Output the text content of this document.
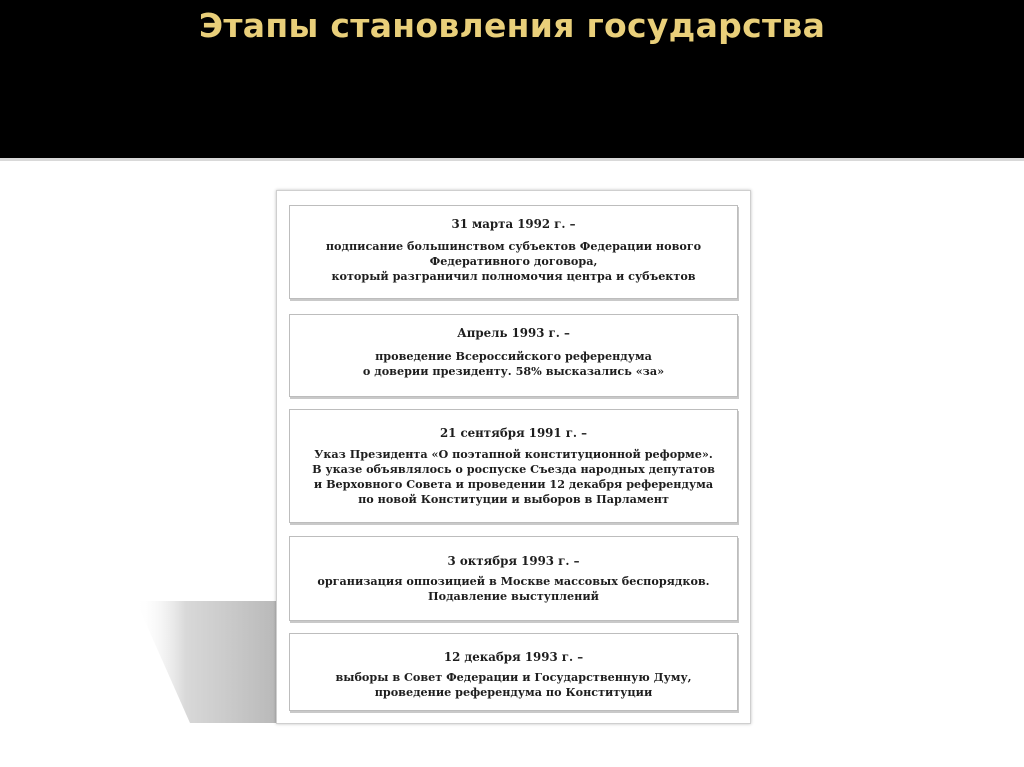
Этапы становления государства
31 марта 1992 г. –
подписание большинством субъектов Федерации нового
Федеративного договора,
который разграничил полномочия центра и субъектов
Апрель 1993 г. –
проведение Всероссийского референдума
о доверии президенту. 58% высказались «за»
21 сентября 1991 г. –
Указ Президента «О поэтапной конституционной реформе».
В указе объявлялось о роспуске Съезда народных депутатов
и Верховного Совета и проведении 12 декабря референдума
по новой Конституции и выборов в Парламент
3 октября 1993 г. –
организация оппозицией в Москве массовых беспорядков.
Подавление выступлений
12 декабря 1993 г. –
выборы в Совет Федерации и Государственную Думу,
проведение референдума по Конституции
